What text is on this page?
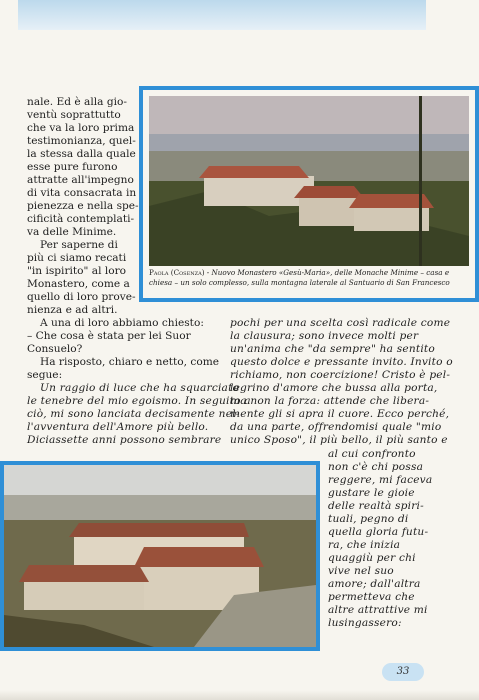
Paola (Cosenza) - Nuovo Monastero «Gesù-Maria», delle Monache Minime – casa e chiesa – un solo complesso, sulla montagna laterale al Santuario di San Francesco

nale. Ed è alla gio-

ventù soprattutto

che va la loro prima

testimonianza, quel-

la stessa dalla quale

esse pure furono

attratte all'impegno

di vita consacrata in

pienezza e nella spe-

cificità contemplati-

va delle Minime.

Per saperne di

più ci siamo recati

"in ispirito" al loro

Monastero, come a

quello di loro prove-

nienza e ad altri.

A una di loro abbiamo chiesto:

– Che cosa è stata per lei Suor

Consuelo?

Ha risposto, chiaro e netto, come

segue:

Un raggio di luce che ha squarciato

le tenebre del mio egoismo. In seguito a

ciò, mi sono lanciata decisamente nel-

l'avventura dell'Amore più bello.

Diciassette anni possono sembrare

pochi per una scelta così radicale come

la clausura; sono invece molti per

un'anima che "da sempre" ha sentito

questo dolce e pressante invito. Invito o

richiamo, non coercizione! Cristo è pel-

legrino d'amore che bussa alla porta,

ma non la forza: attende che libera-

mente gli si apra il cuore. Ecco perché,

da una parte, offrendomisi quale "mio

unico Sposo", il più bello, il più santo e

al cui confronto

non c'è chi possa

reggere, mi faceva

gustare le gioie

delle realtà spiri-

tuali, pegno di

quella gloria futu-

ra, che inizia

quaggiù per chi

vive nel suo

amore; dall'altra

permetteva che

altre attrattive mi

lusingassero:

33
